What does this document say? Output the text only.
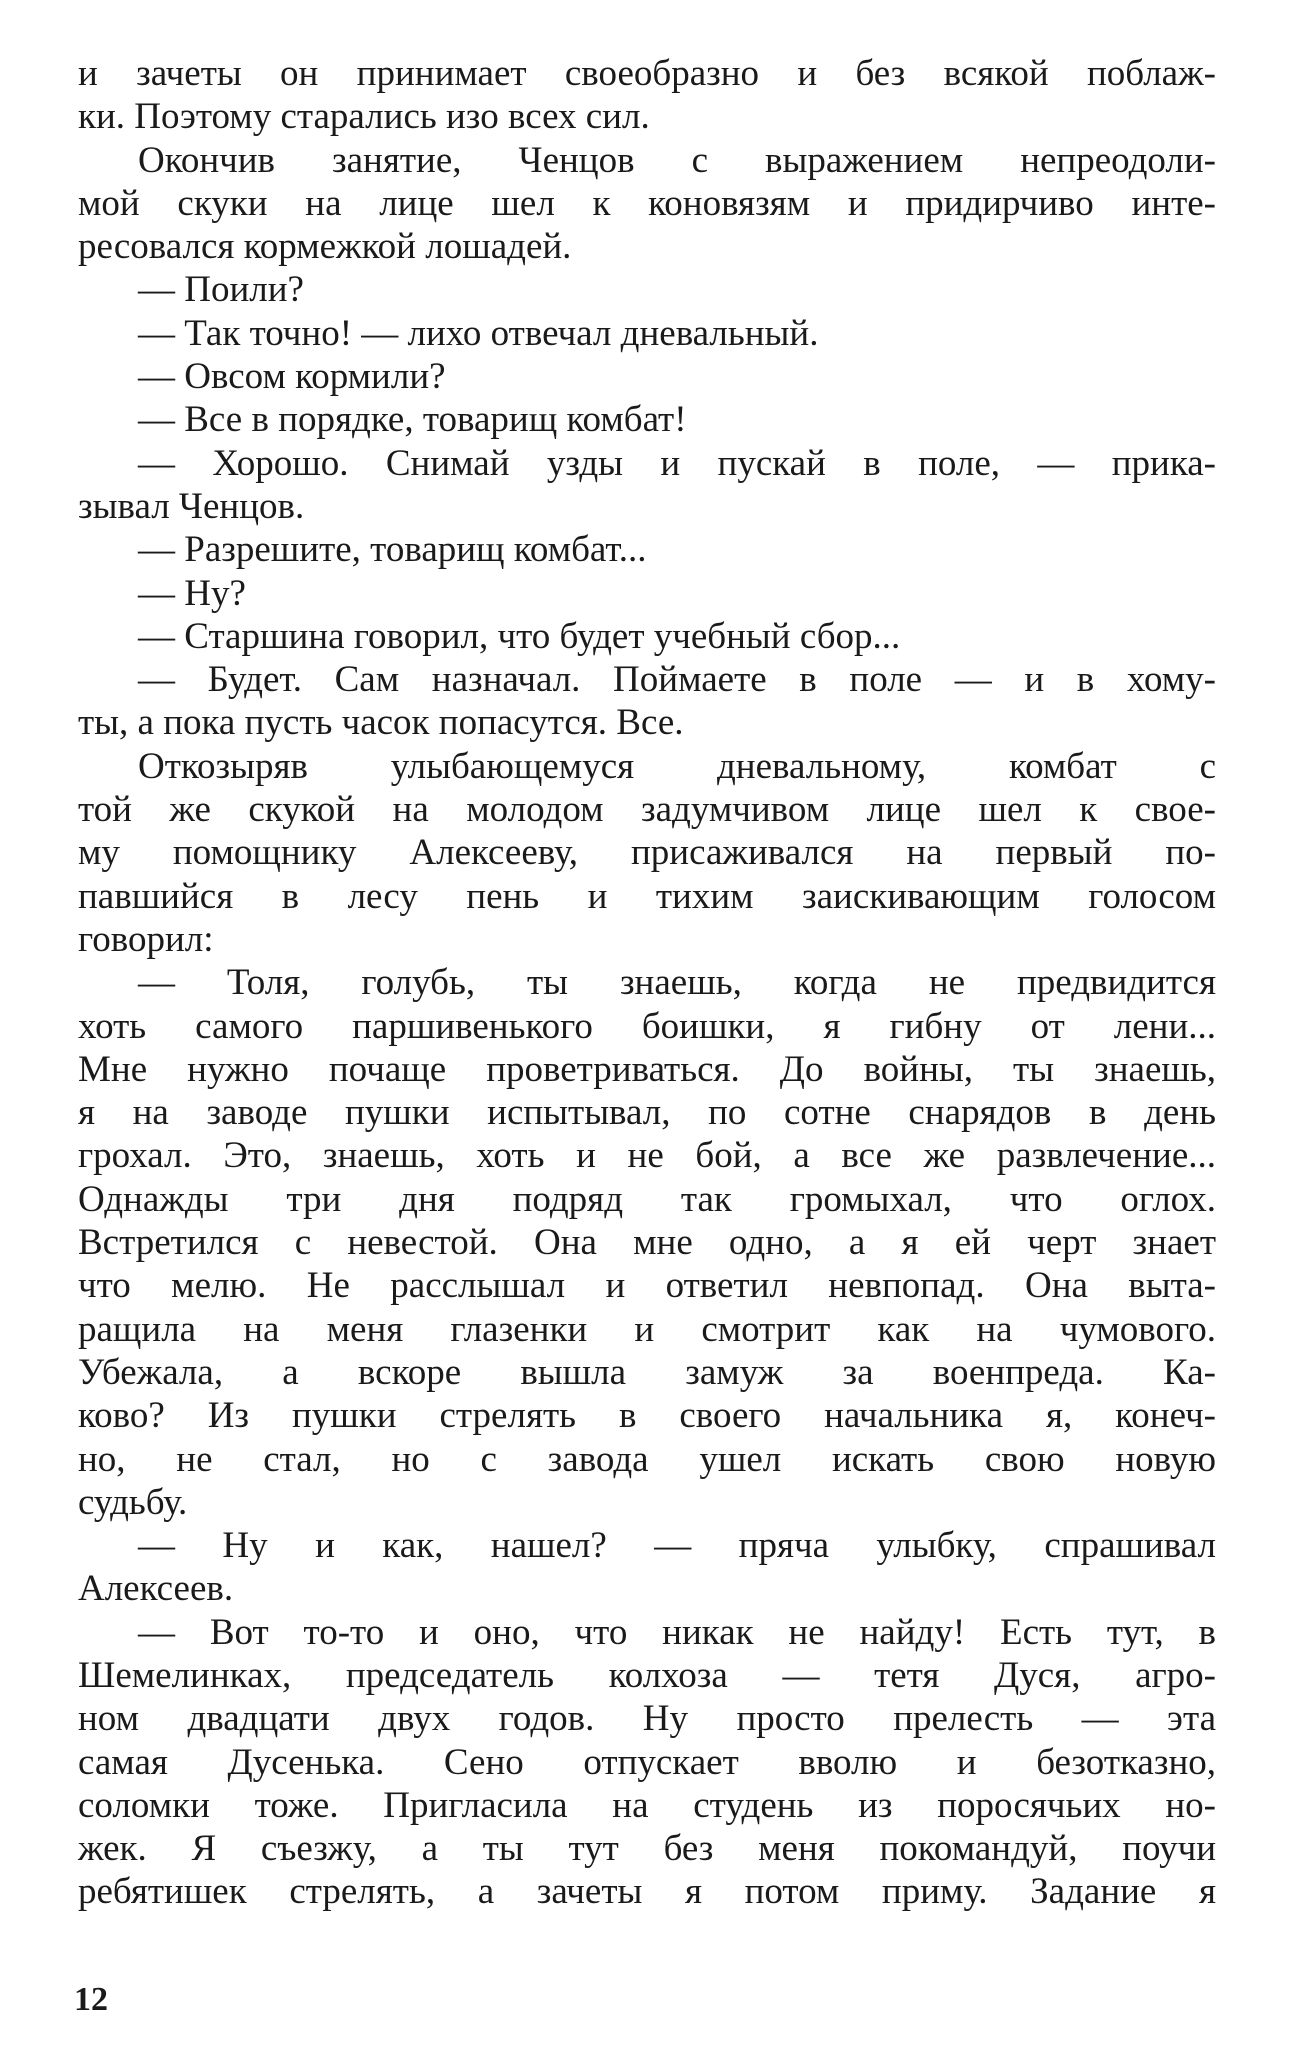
и зачеты он принимает своеобразно и без всякой поблаж-
ки. Поэтому старались изо всех сил.
Окончив занятие, Ченцов с выражением непреодоли-
мой скуки на лице шел к коновязям и придирчиво инте-
ресовался кормежкой лошадей.
— Поили?
— Так точно! — лихо отвечал дневальный.
— Овсом кормили?
— Все в порядке, товарищ комбат!
— Хорошо. Снимай узды и пускай в поле, — прика-
зывал Ченцов.
— Разрешите, товарищ комбат...
— Ну?
— Старшина говорил, что будет учебный сбор...
— Будет. Сам назначал. Поймаете в поле — и в хому-
ты, а пока пусть часок попасутся. Все.
Откозыряв улыбающемуся дневальному, комбат с
той же скукой на молодом задумчивом лице шел к свое-
му помощнику Алексееву, присаживался на первый по-
павшийся в лесу пень и тихим заискивающим голосом
говорил:
— Толя, голубь, ты знаешь, когда не предвидится
хоть самого паршивенького боишки, я гибну от лени...
Мне нужно почаще проветриваться. До войны, ты знаешь,
я на заводе пушки испытывал, по сотне снарядов в день
грохал. Это, знаешь, хоть и не бой, а все же развлечение...
Однажды три дня подряд так громыхал, что оглох.
Встретился с невестой. Она мне одно, а я ей черт знает
что мелю. Не расслышал и ответил невпопад. Она выта-
ращила на меня глазенки и смотрит как на чумового.
Убежала, а вскоре вышла замуж за военпреда. Ка-
ково? Из пушки стрелять в своего начальника я, конеч-
но, не стал, но с завода ушел искать свою новую
судьбу.
— Ну и как, нашел? — пряча улыбку, спрашивал
Алексеев.
— Вот то-то и оно, что никак не найду! Есть тут, в
Шемелинках, председатель колхоза — тетя Дуся, агро-
ном двадцати двух годов. Ну просто прелесть — эта
самая Дусенька. Сено отпускает вволю и безотказно,
соломки тоже. Пригласила на студень из поросячьих но-
жек. Я съезжу, а ты тут без меня покомандуй, поучи
ребятишек стрелять, а зачеты я потом приму. Задание я
12
